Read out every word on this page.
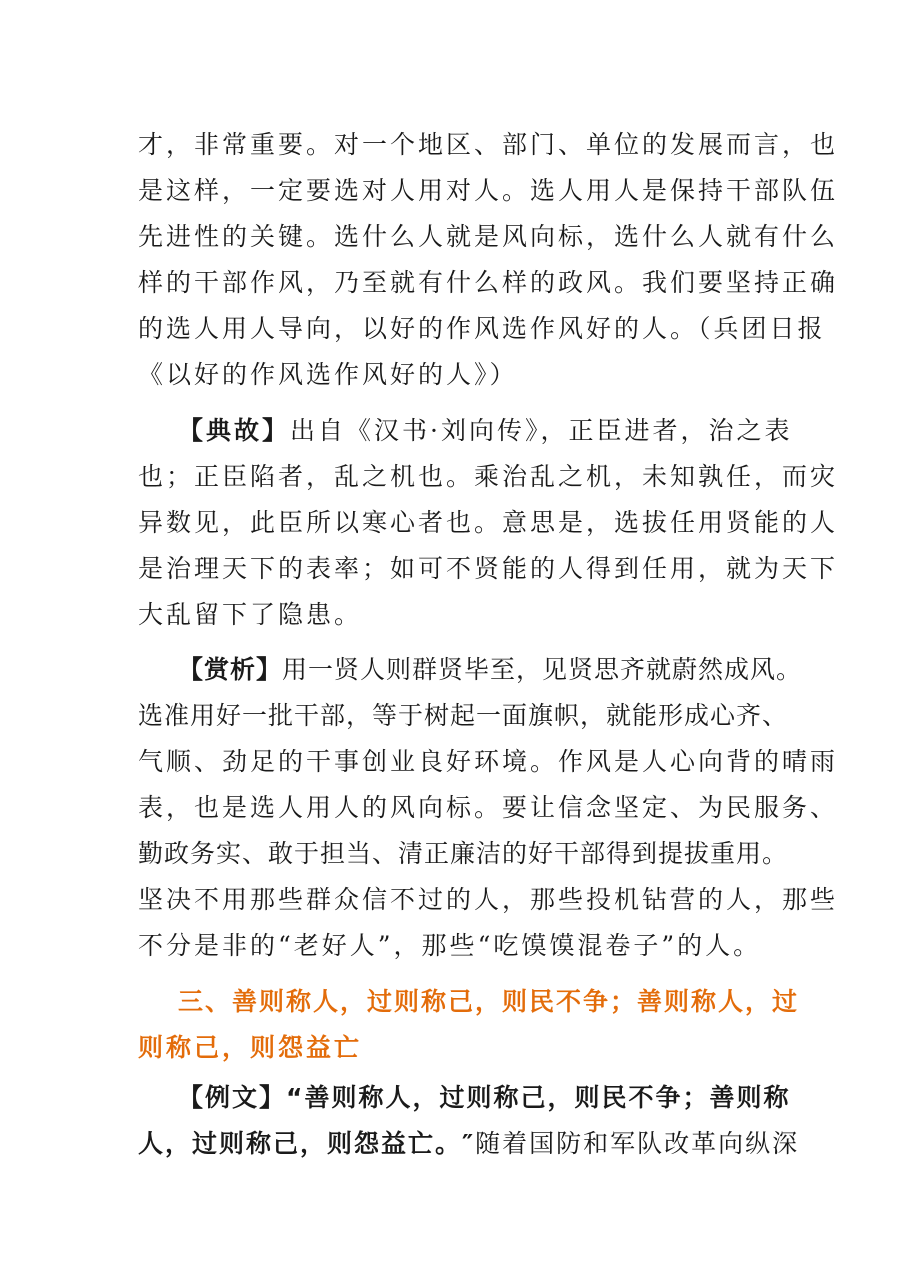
才，非常重要。对一个地区、部门、单位的发展而言，也
是这样，一定要选对人用对人。选人用人是保持干部队伍
先进性的关键。选什么人就是风向标，选什么人就有什么
样的干部作风，乃至就有什么样的政风。我们要坚持正确
的选人用人导向，以好的作风选作风好的人。（兵团日报
《以好的作风选作风好的人》）
【典故】出自《汉书·刘向传》，正臣进者，治之表
也；正臣陷者，乱之机也。乘治乱之机，未知孰任，而灾
异数见，此臣所以寒心者也。意思是，选拔任用贤能的人
是治理天下的表率；如可不贤能的人得到任用，就为天下
大乱留下了隐患。
【赏析】用一贤人则群贤毕至，见贤思齐就蔚然成风。
选准用好一批干部，等于树起一面旗帜，就能形成心齐、
气顺、劲足的干事创业良好环境。作风是人心向背的晴雨
表，也是选人用人的风向标。要让信念坚定、为民服务、
勤政务实、敢于担当、清正廉洁的好干部得到提拔重用。
坚决不用那些群众信不过的人，那些投机钻营的人，那些
不分是非的“老好人”，那些“吃馍馍混卷子”的人。
三、善则称人，过则称己，则民不争；善则称人，过
则称己，则怨益亡
【例文】“善则称人，过则称己，则民不争；善则称
人，过则称己，则怨益亡。″随着国防和军队改革向纵深
